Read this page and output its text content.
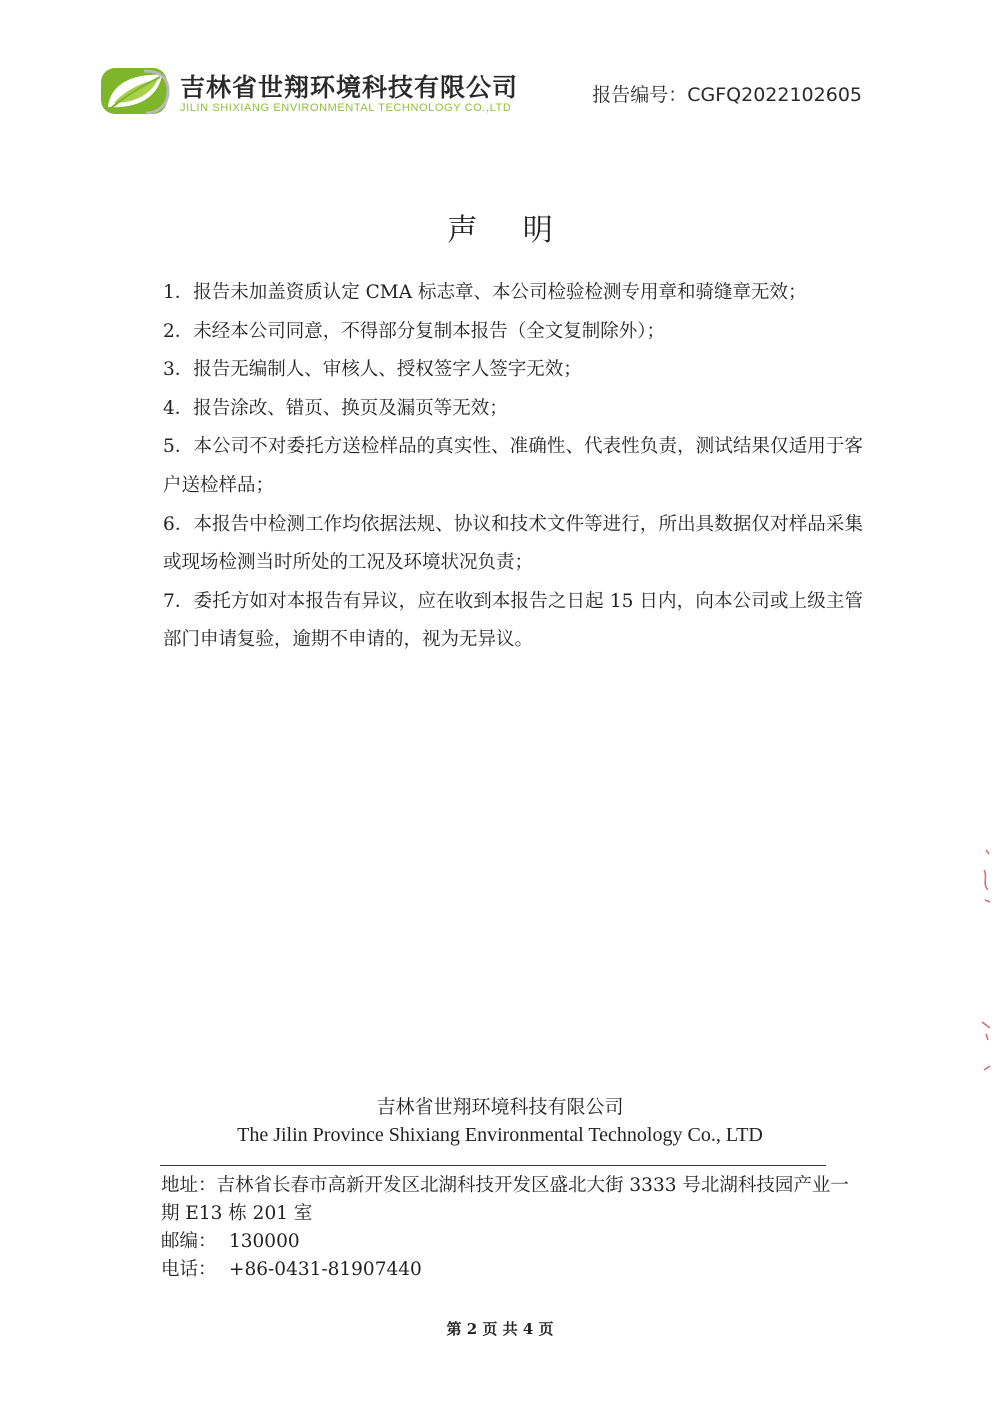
吉林省世翔环境科技有限公司
JILIN SHIXIANG ENVIRONMENTAL TECHNOLOGY CO.,LTD
报告编号：CGFQ2022102605
声 明
1．报告未加盖资质认定 CMA 标志章、本公司检验检测专用章和骑缝章无效；
2．未经本公司同意，不得部分复制本报告（全文复制除外）；
3．报告无编制人、审核人、授权签字人签字无效；
4．报告涂改、错页、换页及漏页等无效；
5．本公司不对委托方送检样品的真实性、准确性、代表性负责，测试结果仅适用于客户送检样品；
6．本报告中检测工作均依据法规、协议和技术文件等进行，所出具数据仅对样品采集或现场检测当时所处的工况及环境状况负责；
7．委托方如对本报告有异议，应在收到本报告之日起 15 日内，向本公司或上级主管部门申请复验，逾期不申请的，视为无异议。
吉林省世翔环境科技有限公司
The Jilin Province Shixiang Environmental Technology Co., LTD
地址：吉林省长春市高新开发区北湖科技开发区盛北大街 3333 号北湖科技园产业一期 E13 栋 201 室
邮编： 130000
电话： +86-0431-81907440
第 2 页 共 4 页
